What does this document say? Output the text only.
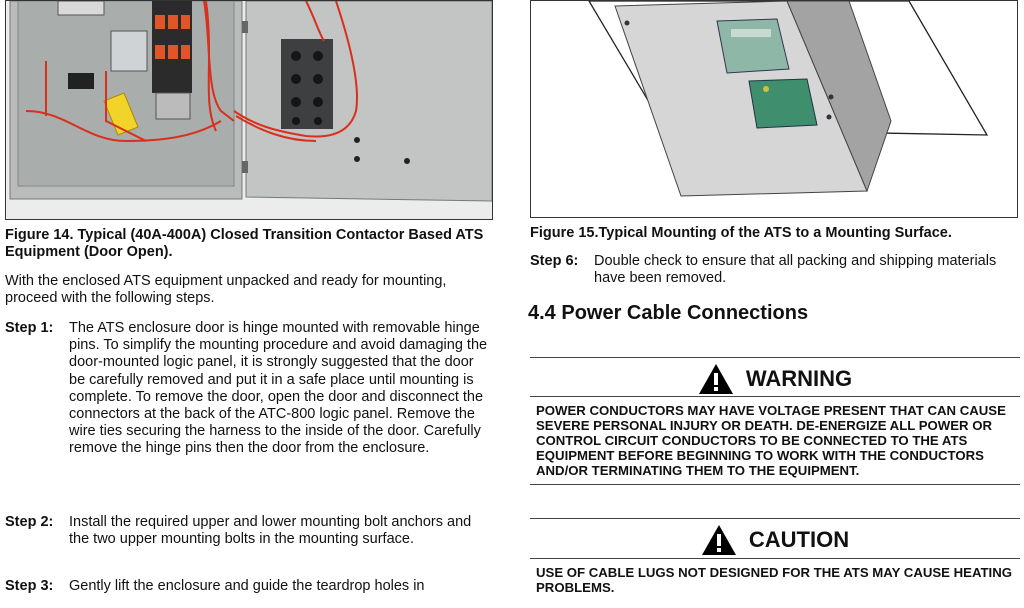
Figure 14. Typical (40A-400A) Closed Transition Contactor Based ATS Equipment (Door Open).
With the enclosed ATS equipment unpacked and ready for mounting, proceed with the following steps.
Step 1: The ATS enclosure door is hinge mounted with removable hinge pins. To simplify the mounting procedure and avoid damaging the door-mounted logic panel, it is strongly suggested that the door be carefully removed and put it in a safe place until mounting is complete. To remove the door, open the door and disconnect the connectors at the back of the ATC-800 logic panel. Remove the wire ties securing the harness to the inside of the door. Carefully remove the hinge pins then the door from the enclosure.
Step 2: Install the required upper and lower mounting bolt anchors and the two upper mounting bolts in the mounting surface.
Step 3: Gently lift the enclosure and guide the teardrop holes in
Figure 15.Typical Mounting of the ATS to a Mounting Surface.
Step 6: Double check to ensure that all packing and shipping materials have been removed.
4.4 Power Cable Connections
WARNING
POWER CONDUCTORS MAY HAVE VOLTAGE PRESENT THAT CAN CAUSE SEVERE PERSONAL INJURY OR DEATH. DE-ENERGIZE ALL POWER OR CONTROL CIRCUIT CONDUCTORS TO BE CONNECTED TO THE ATS EQUIPMENT BEFORE BEGINNING TO WORK WITH THE CONDUCTORS AND/OR TERMINATING THEM TO THE EQUIPMENT.
CAUTION
USE OF CABLE LUGS NOT DESIGNED FOR THE ATS MAY CAUSE HEATING PROBLEMS.
